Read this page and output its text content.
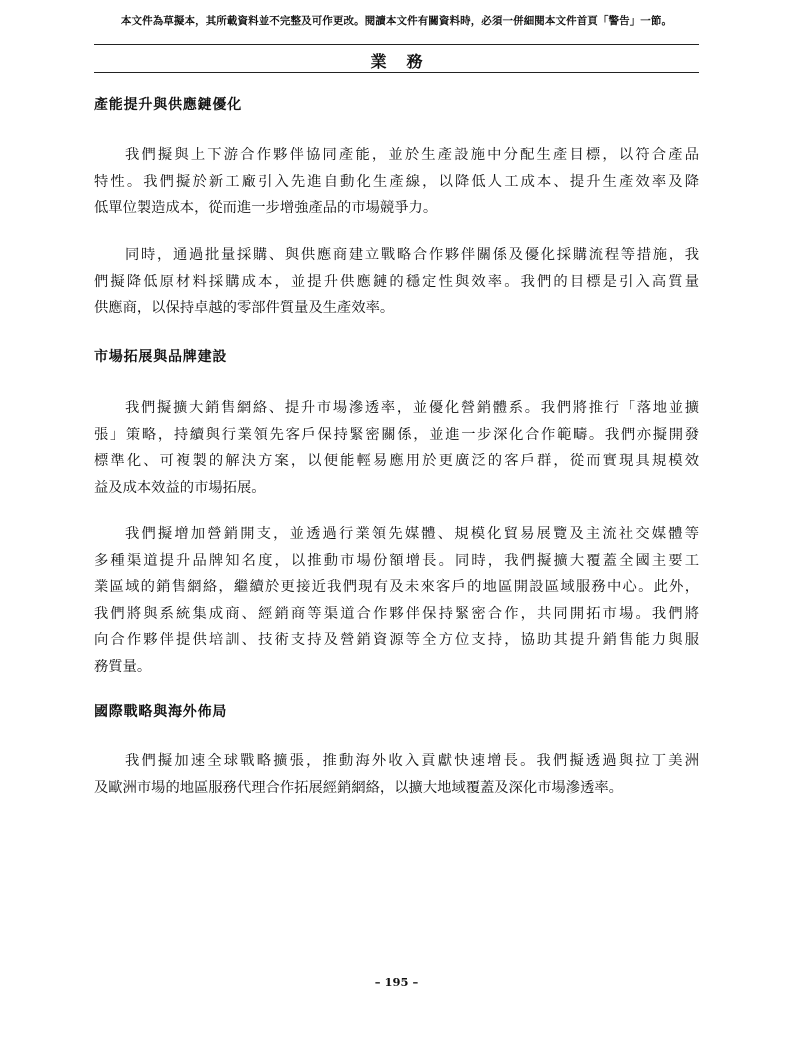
本文件為草擬本，其所載資料並不完整及可作更改。閱讀本文件有關資料時，必須一併細閱本文件首頁「警告」一節。
業務
產能提升與供應鏈優化
我們擬與上下游合作夥伴協同產能，並於生產設施中分配生產目標，以符合產品
特性。我們擬於新工廠引入先進自動化生產線，以降低人工成本、提升生產效率及降
低單位製造成本，從而進一步增強產品的市場競爭力。
同時，通過批量採購、與供應商建立戰略合作夥伴關係及優化採購流程等措施，我
們擬降低原材料採購成本，並提升供應鏈的穩定性與效率。我們的目標是引入高質量
供應商，以保持卓越的零部件質量及生產效率。
市場拓展與品牌建設
我們擬擴大銷售網絡、提升市場滲透率，並優化營銷體系。我們將推行「落地並擴
張」策略，持續與行業領先客戶保持緊密關係，並進一步深化合作範疇。我們亦擬開發
標準化、可複製的解決方案，以便能輕易應用於更廣泛的客戶群，從而實現具規模效
益及成本效益的市場拓展。
我們擬增加營銷開支，並透過行業領先媒體、規模化貿易展覽及主流社交媒體等
多種渠道提升品牌知名度，以推動市場份額增長。同時，我們擬擴大覆蓋全國主要工
業區域的銷售網絡，繼續於更接近我們現有及未來客戶的地區開設區域服務中心。此外，
我們將與系統集成商、經銷商等渠道合作夥伴保持緊密合作，共同開拓市場。我們將
向合作夥伴提供培訓、技術支持及營銷資源等全方位支持，協助其提升銷售能力與服
務質量。
國際戰略與海外佈局
我們擬加速全球戰略擴張，推動海外收入貢獻快速增長。我們擬透過與拉丁美洲
及歐洲市場的地區服務代理合作拓展經銷網絡，以擴大地域覆蓋及深化市場滲透率。
– 195 –
